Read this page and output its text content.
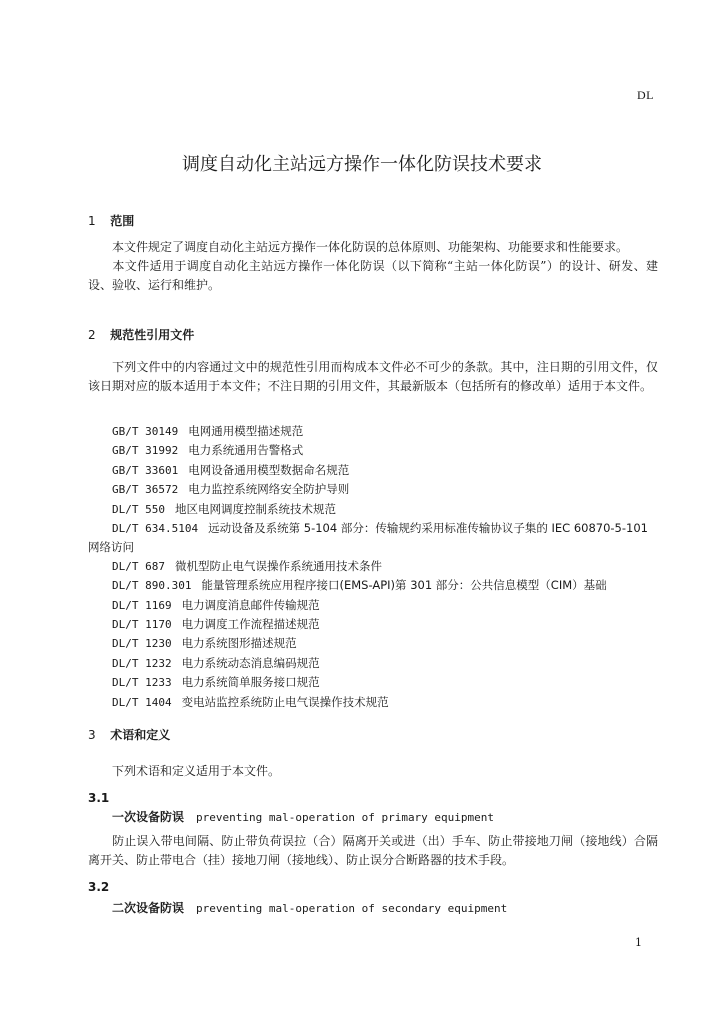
DL
调度自动化主站远方操作一体化防误技术要求
1 范围
本文件规定了调度自动化主站远方操作一体化防误的总体原则、功能架构、功能要求和性能要求。
本文件适用于调度自动化主站远方操作一体化防误（以下简称“主站一体化防误”）的设计、研发、建设、验收、运行和维护。
2 规范性引用文件
下列文件中的内容通过文中的规范性引用而构成本文件必不可少的条款。其中，注日期的引用文件，仅该日期对应的版本适用于本文件；不注日期的引用文件，其最新版本（包括所有的修改单）适用于本文件。
GB/T 30149 电网通用模型描述规范
GB/T 31992 电力系统通用告警格式
GB/T 33601 电网设备通用模型数据命名规范
GB/T 36572 电力监控系统网络安全防护导则
DL/T 550 地区电网调度控制系统技术规范
DL/T 634.5104 远动设备及系统第 5-104 部分：传输规约采用标准传输协议子集的 IEC 60870-5-101 网络访问
DL/T 687 微机型防止电气误操作系统通用技术条件
DL/T 890.301 能量管理系统应用程序接口(EMS-API)第 301 部分：公共信息模型（CIM）基础
DL/T 1169 电力调度消息邮件传输规范
DL/T 1170 电力调度工作流程描述规范
DL/T 1230 电力系统图形描述规范
DL/T 1232 电力系统动态消息编码规范
DL/T 1233 电力系统简单服务接口规范
DL/T 1404 变电站监控系统防止电气误操作技术规范
3 术语和定义
下列术语和定义适用于本文件。
3.1
一次设备防误 preventing mal-operation of primary equipment
防止误入带电间隔、防止带负荷误拉（合）隔离开关或进（出）手车、防止带接地刀闸（接地线）合隔离开关、防止带电合（挂）接地刀闸（接地线）、防止误分合断路器的技术手段。
3.2
二次设备防误 preventing mal-operation of secondary equipment
1
